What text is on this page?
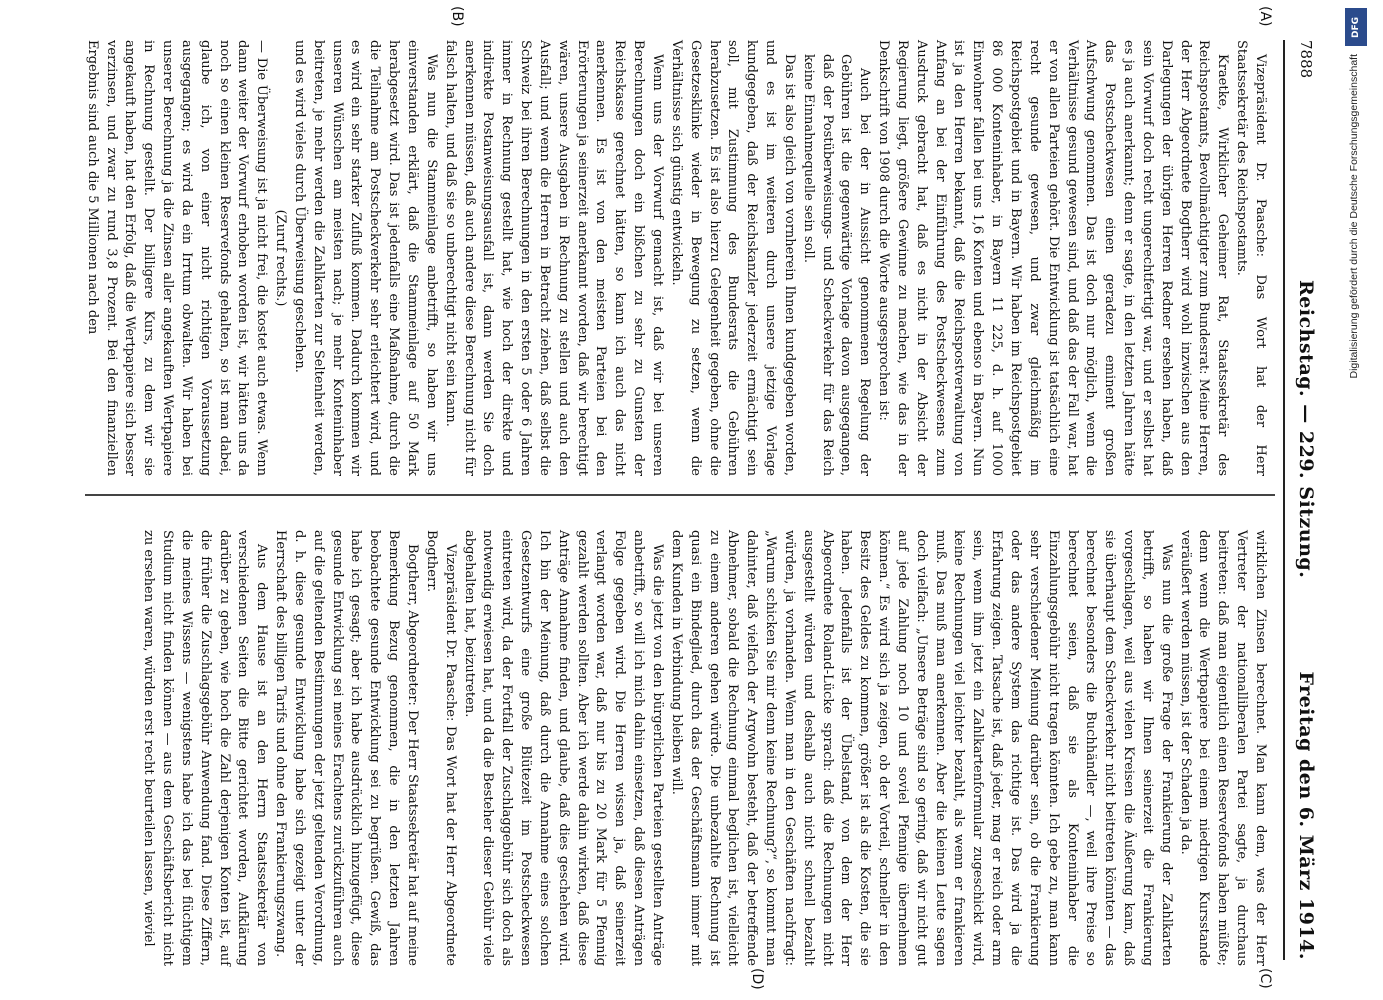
7888
Reichstag. — 229. Sitzung.
Freitag den 6. März 1914.
(A)
(B)
(C)
(D)

Vizepräsident Dr. Paasche: Das Wort hat der Herr Staatssekretär des Reichspostamts.

Kraetke, Wirklicher Geheimer Rat, Staatssekretär des Reichspostamts, Bevollmächtigter zum Bundesrat: Meine Herren, der Herr Abgeordnete Bogtherr wird wohl inzwischen aus den Darlegungen der übrigen Herren Redner ersehen haben, daß sein Vorwurf doch recht ungerechtfertigt war, und er selbst hat es ja auch anerkannt; denn er sagte, in den letzten Jahren hätte das Postscheckwesen einen geradezu eminent großen Aufschwung genommen. Das ist doch nur möglich, wenn die Verhältnisse gesund gewesen sind, und daß das der Fall war, hat er von allen Parteien gehört. Die Entwicklung ist tatsächlich eine recht gesunde gewesen, und zwar gleichmäßig im Reichspostgebiet und in Bayern. Wir haben im Reichspostgebiet 86 000 Konteninhaber, in Bayern 11 225, d. h. auf 1000 Einwohner fallen bei uns 1,6 Konten und ebenso in Bayern. Nun ist ja den Herren bekannt, daß die Reichspostverwaltung von Anfang an bei der Einführung des Postscheckwesens zum Ausdruck gebracht hat, daß es nicht in der Absicht der Regierung liegt, größere Gewinne zu machen, wie das in der Denkschrift von 1908 durch die Worte ausgesprochen ist:

Auch bei der in Aussicht genommenen Regelung der Gebühren ist die gegenwärtige Vorlage davon ausgegangen, daß der Postüberweisungs- und Scheckverkehr für das Reich keine Einnahmequelle sein soll.

Das ist also gleich von vornherein Ihnen kundgegeben worden, und es ist im weiteren durch unsere jetzige Vorlage kundgegeben, daß der Reichskanzler jederzeit ermächtigt sein soll, mit Zustimmung des Bundesrats die Gebühren herabzusetzen. Es ist also hierzu Gelegenheit gegeben, ohne die Gesetzesklinke wieder in Bewegung zu setzen, wenn die Verhältnisse sich günstig entwickeln.

Wenn uns der Vorwurf gemacht ist, daß wir bei unseren Berechnungen doch ein bißchen zu sehr zu Gunsten der Reichskasse gerechnet hätten, so kann ich auch das nicht anerkennen. Es ist von den meisten Parteien bei den Erörterungen ja seinerzeit anerkannt worden, daß wir berechtigt wären, unsere Ausgaben in Rechnung zu stellen und auch den Ausfall; und wenn die Herren in Betracht ziehen, daß selbst die Schweiz bei ihren Berechnungen in den ersten 5 oder 6 Jahren immer in Rechnung gestellt hat, wie hoch der direkte und indirekte Postanweisungsausfall ist, dann werden Sie doch anerkennen müssen, daß auch andere diese Berechnung nicht für falsch halten, und daß sie so unberechtigt nicht sein kann.

Was nun die Stammeinlage anbetrifft, so haben wir uns einverstanden erklärt, daß die Stammeinlage auf 50 Mark herabgesetzt wird. Das ist jedenfalls eine Maßnahme, durch die die Teilnahme am Postscheckverkehr sehr erleichtert wird, und es wird ein sehr starker Zufluß kommen. Dadurch kommen wir unseren Wünschen am meisten nach; je mehr Konteninhaber beitreten, je mehr werden die Zahlkarten zur Seltenheit werden, und es wird vieles durch Überweisung geschehen.

(Zuruf rechts.)

— Die Überweisung ist ja nicht frei, die kostet auch etwas. Wenn dann weiter der Vorwurf erhoben worden ist, wir hätten uns da noch so einen kleinen Reservefonds gehalten, so ist man dabei, glaube ich, von einer nicht richtigen Voraussetzung ausgegangen; es wird da ein Irrtum obwalten. Wir haben bei unserer Berechnung ja die Zinsen aller angekauften Wertpapiere in Rechnung gestellt. Der billigere Kurs, zu dem wir sie angekauft haben, hat den Erfolg, daß die Wertpapiere sich besser verzinsen, und zwar zu rund 3,8 Prozent. Bei den finanziellen Ergebnis sind auch die 5 Millionen nach den

wirklichen Zinsen berechnet. Man kann dem, was der Herr Vertreter der nationalliberalen Partei sagte, ja durchaus beitreten: daß man eigentlich einen Reservefonds haben müßte; denn wenn die Wertpapiere bei einem niedrigen Kursstande veräußert werden müssen, ist der Schaden ja da.

Was nun die große Frage der Frankierung der Zahlkarten betrifft, so haben wir Ihnen seinerzeit die Frankierung vorgeschlagen, weil aus vielen Kreisen die Äußerung kam, daß sie überhaupt dem Scheckverkehr nicht beitreten könnten — das berechnet besonders die Buchhändler —, weil ihre Preise so berechnet seien, daß sie als Konteninhaber die Einzahlungsgebühr nicht tragen könnten. Ich gebe zu, man kann sehr verschiedener Meinung darüber sein, ob die Frankierung oder das andere System das richtige ist. Das wird ja die Erfahrung zeigen. Tatsache ist, daß jeder, mag er reich oder arm sein, wenn ihm jetzt ein Zahlkartenformular zugeschickt wird, keine Rechnungen viel leichter bezahlt, als wenn er frankieren muß. Das muß man anerkennen. Aber die kleinen Leute sagen doch vielfach: „Unsere Beträge sind so gering, daß wir nicht gut auf jede Zahlung noch 10 und soviel Pfennige übernehmen können.“ Es wird sich ja zeigen, ob der Vorteil, schneller in den Besitz des Geldes zu kommen, größer ist als die Kosten, die sie haben. Jedenfalls ist der Übelstand, von dem der Herr Abgeordnete Roland-Lücke sprach: daß die Rechnungen nicht ausgestellt würden und deshalb auch nicht schnell bezahlt würden, ja vorhanden. Wenn man in den Geschäften nachfragt: „Warum schicken Sie mir denn keine Rechnung?“, so kommt man dahinter, daß vielfach der Argwohn besteht, daß der betreffende Abnehmer, sobald die Rechnung einmal beglichen ist, vielleicht zu einem anderen gehen würde. Die unbezahlte Rechnung ist quasi ein Bindeglied, durch das der Geschäftsmann immer mit dem Kunden in Verbindung bleiben will.

Was die jetzt von den bürgerlichen Parteien gestellten Anträge anbetrifft, so will ich mich dahin einsetzen, daß diesen Anträgen Folge gegeben wird. Die Herren wissen ja, daß seinerzeit verlangt worden war, daß nur bis zu 20 Mark für 5 Pfennig gezahlt werden sollten. Aber ich werde dahin wirken, daß diese Anträge Annahme finden, und glaube, daß dies geschehen wird. Ich bin der Meinung, daß durch die Annahme eines solchen Gesetzentwurfs eine große Blütezeit im Postscheckwesen eintreten wird, da der Fortfall der Zuschlaggebühr sich doch als notwendig erwiesen hat, und da die Besteher dieser Gebühr viele abgehalten hat, beizutreten.

Vizepräsident Dr. Paasche: Das Wort hat der Herr Abgeordnete Bogtherr.

Bogtherr, Abgeordneter: Der Herr Staatssekretär hat auf meine Bemerkung Bezug genommen, die in den letzten Jahren beobachtete gesunde Entwicklung sei zu begrüßen. Gewiß, das habe ich gesagt; aber ich habe ausdrücklich hinzugefügt, diese gesunde Entwicklung sei meines Erachtens zurückzuführen auch auf die geltenden Bestimmungen der jetzt geltenden Verordnung, d. h. diese gesunde Entwicklung habe sich gezeigt unter der Herrschaft des billigen Tarifs und ohne den Frankierungszwang.

Aus dem Hause ist an den Herrn Staatssekretär von verschiedenen Seiten die Bitte gerichtet worden, Aufklärung darüber zu geben, wie hoch die Zahl derjenigen Konten ist, auf die früher die Zuschlagsgebühr Anwendung fand. Diese Ziffern, die meines Wissens — wenigstens habe ich das bei flüchtigem Studium nicht finden können — aus dem Geschäftsbericht nicht zu ersehen waren, würden erst recht beurteilen lassen, wieviel

DFG
Digitalisierung gefördert durch die Deutsche Forschungsgemeinschaft
